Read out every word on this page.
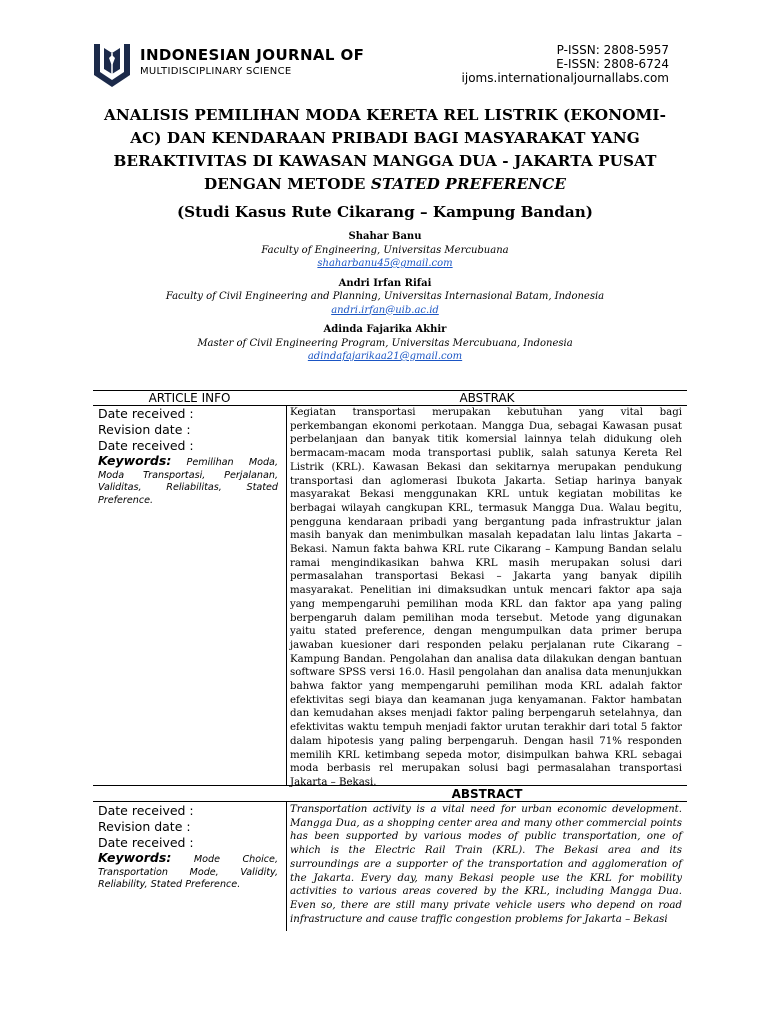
INDONESIAN JOURNAL OF
MULTIDISCIPLINARY SCIENCE
P-ISSN: 2808-5957
E-ISSN: 2808-6724
ijoms.internationaljournallabs.com
ANALISIS PEMILIHAN MODA KERETA REL LISTRIK (EKONOMI-AC) DAN KENDARAAN PRIBADI BAGI MASYARAKAT YANG BERAKTIVITAS DI KAWASAN MANGGA DUA - JAKARTA PUSAT DENGAN METODE STATED PREFERENCE
(Studi Kasus Rute Cikarang – Kampung Bandan)
Shahar Banu
Faculty of Engineering, Universitas Mercubuana
shaharbanu45@gmail.com
Andri Irfan Rifai
Faculty of Civil Engineering and Planning, Universitas Internasional Batam, Indonesia
andri.irfan@uib.ac.id
Adinda Fajarika Akhir
Master of Civil Engineering Program, Universitas Mercubuana, Indonesia
adindafajarikaa21@gmail.com
ARTICLE INFO	ABSTRAK
Date received :
Revision date :
Date received :
Keywords: Pemilihan Moda, Moda Transportasi, Perjalanan, Validitas, Reliabilitas, Stated Preference.
Kegiatan transportasi merupakan kebutuhan yang vital bagi perkembangan ekonomi perkotaan. Mangga Dua, sebagai Kawasan pusat perbelanjaan dan banyak titik komersial lainnya telah didukung oleh bermacam-macam moda transportasi publik, salah satunya Kereta Rel Listrik (KRL). Kawasan Bekasi dan sekitarnya merupakan pendukung transportasi dan aglomerasi Ibukota Jakarta. Setiap harinya banyak masyarakat Bekasi menggunakan KRL untuk kegiatan mobilitas ke berbagai wilayah cangkupan KRL, termasuk Mangga Dua. Walau begitu, pengguna kendaraan pribadi yang bergantung pada infrastruktur jalan masih banyak dan menimbulkan masalah kepadatan lalu lintas Jakarta – Bekasi. Namun fakta bahwa KRL rute Cikarang – Kampung Bandan selalu ramai mengindikasikan bahwa KRL masih merupakan solusi dari permasalahan transportasi Bekasi – Jakarta yang banyak dipilih masyarakat. Penelitian ini dimaksudkan untuk mencari faktor apa saja yang mempengaruhi pemilihan moda KRL dan faktor apa yang paling berpengaruh dalam pemilihan moda tersebut. Metode yang digunakan yaitu stated preference, dengan mengumpulkan data primer berupa jawaban kuesioner dari responden pelaku perjalanan rute Cikarang – Kampung Bandan. Pengolahan dan analisa data dilakukan dengan bantuan software SPSS versi 16.0. Hasil pengolahan dan analisa data menunjukkan bahwa faktor yang mempengaruhi pemilihan moda KRL adalah faktor efektivitas segi biaya dan keamanan juga kenyamanan. Faktor hambatan dan kemudahan akses menjadi faktor paling berpengaruh setelahnya, dan efektivitas waktu tempuh menjadi faktor urutan terakhir dari total 5 faktor dalam hipotesis yang paling berpengaruh. Dengan hasil 71% responden memilih KRL ketimbang sepeda motor, disimpulkan bahwa KRL sebagai moda berbasis rel merupakan solusi bagi permasalahan transportasi Jakarta – Bekasi.
ABSTRACT
Date received :
Revision date :
Date received :
Keywords: Mode Choice, Transportation Mode, Validity, Reliability, Stated Preference.
Transportation activity is a vital need for urban economic development. Mangga Dua, as a shopping center area and many other commercial points has been supported by various modes of public transportation, one of which is the Electric Rail Train (KRL). The Bekasi area and its surroundings are a supporter of the transportation and agglomeration of the Jakarta. Every day, many Bekasi people use the KRL for mobility activities to various areas covered by the KRL, including Mangga Dua. Even so, there are still many private vehicle users who depend on road infrastructure and cause traffic congestion problems for Jakarta – Bekasi
